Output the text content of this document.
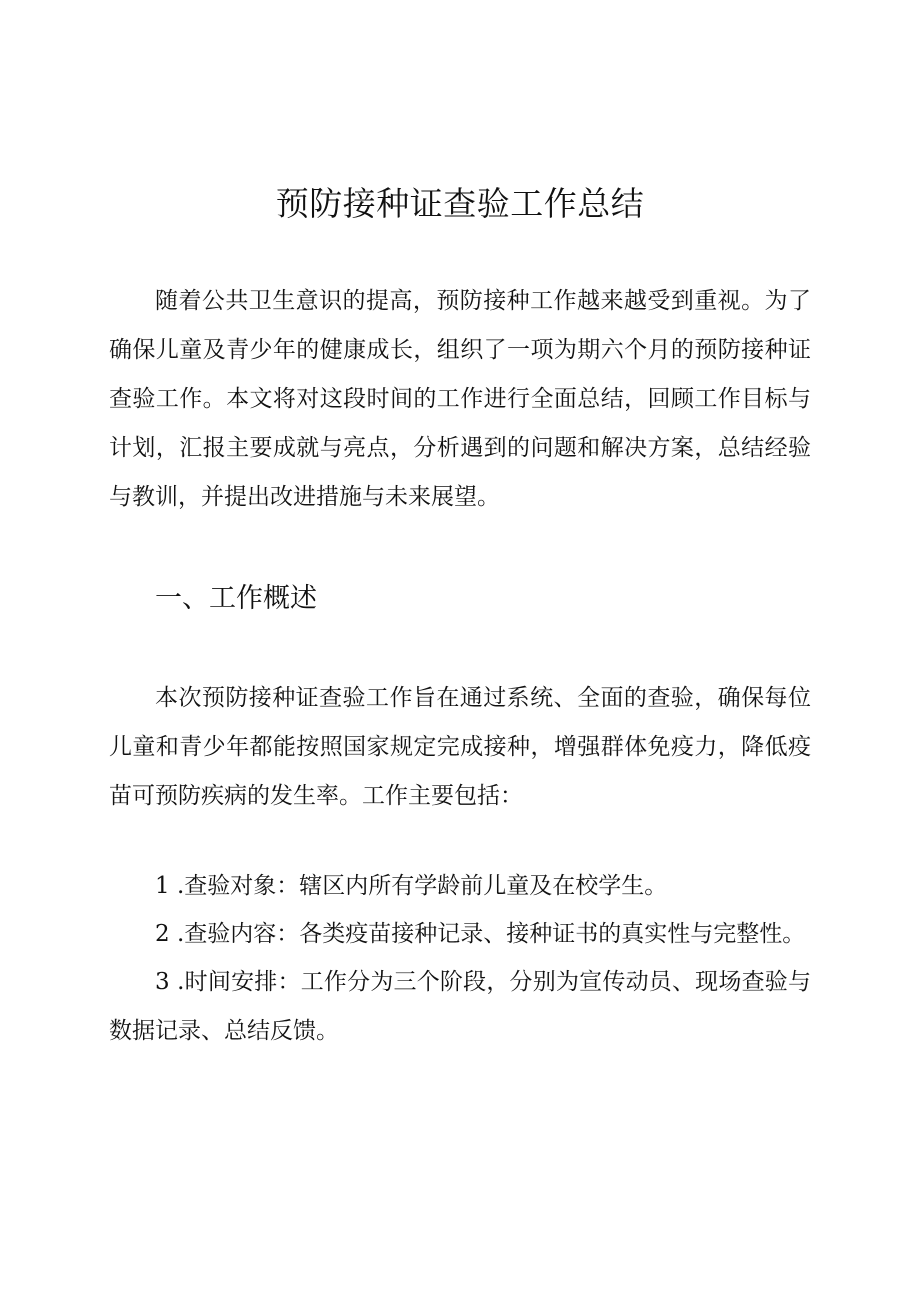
预防接种证查验工作总结

随着公共卫生意识的提高，预防接种工作越来越受到重视。为了确保儿童及青少年的健康成长，组织了一项为期六个月的预防接种证查验工作。本文将对这段时间的工作进行全面总结，回顾工作目标与计划，汇报主要成就与亮点，分析遇到的问题和解决方案，总结经验与教训，并提出改进措施与未来展望。

一、工作概述

本次预防接种证查验工作旨在通过系统、全面的查验，确保每位儿童和青少年都能按照国家规定完成接种，增强群体免疫力，降低疫苗可预防疾病的发生率。工作主要包括：

1 .查验对象：辖区内所有学龄前儿童及在校学生。

2 .查验内容：各类疫苗接种记录、接种证书的真实性与完整性。

3 .时间安排：工作分为三个阶段，分别为宣传动员、现场查验与数据记录、总结反馈。
